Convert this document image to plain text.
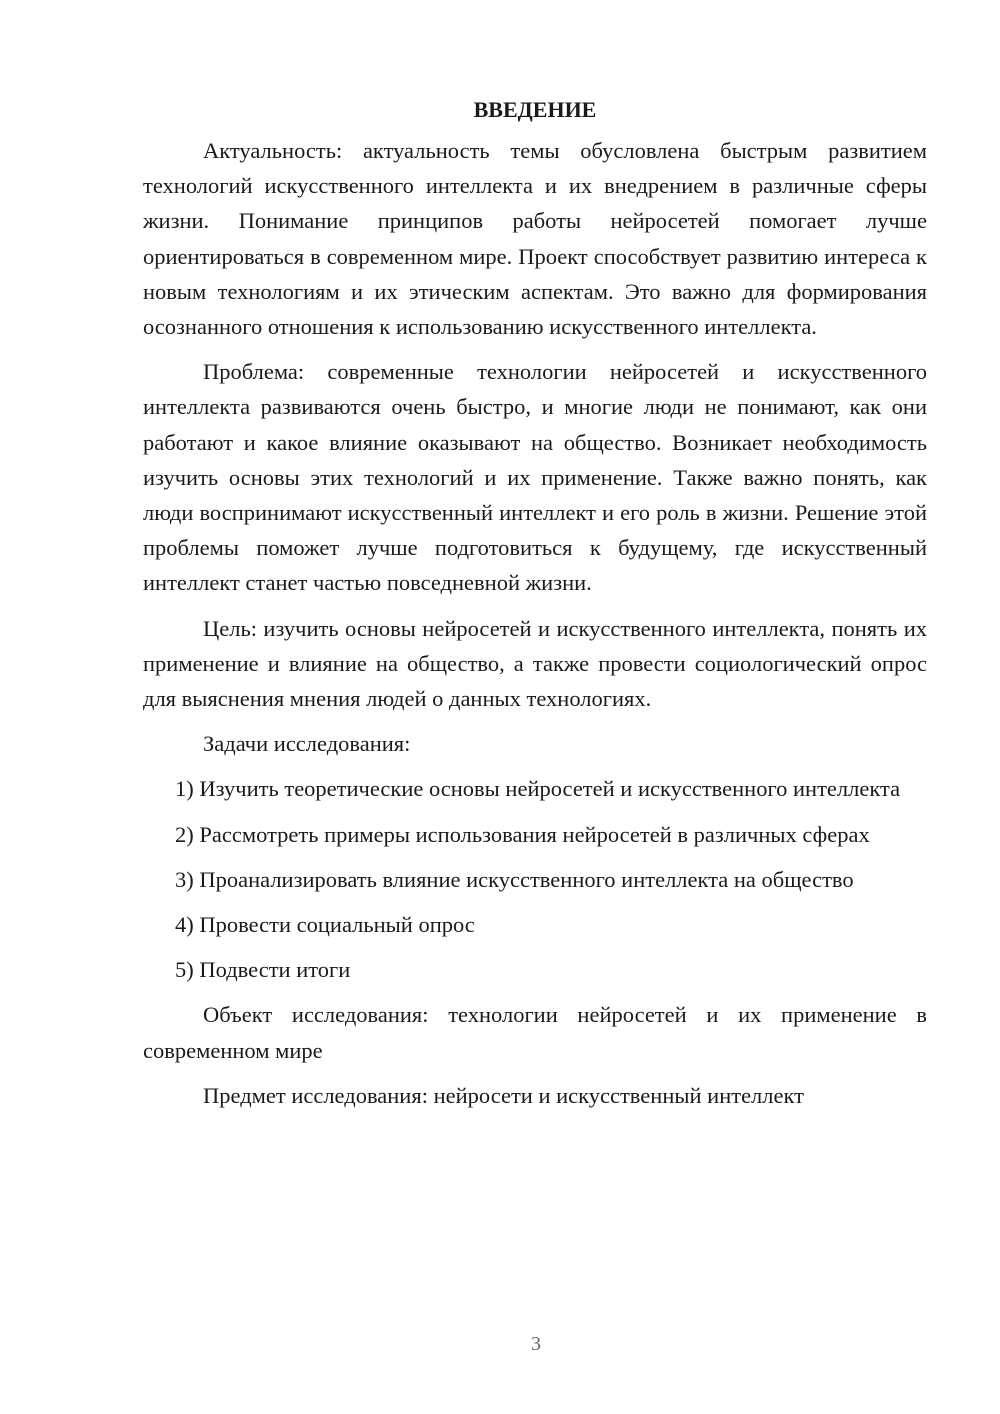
ВВЕДЕНИЕ

Актуальность: актуальность темы обусловлена быстрым развитием технологий искусственного интеллекта и их внедрением в различные сферы жизни. Понимание принципов работы нейросетей помогает лучше ориентироваться в современном мире. Проект способствует развитию интереса к новым технологиям и их этическим аспектам. Это важно для формирования осознанного отношения к использованию искусственного интеллекта.

Проблема: современные технологии нейросетей и искусственного интеллекта развиваются очень быстро, и многие люди не понимают, как они работают и какое влияние оказывают на общество. Возникает необходимость изучить основы этих технологий и их применение. Также важно понять, как люди воспринимают искусственный интеллект и его роль в жизни. Решение этой проблемы поможет лучше подготовиться к будущему, где искусственный интеллект станет частью повседневной жизни.

Цель: изучить основы нейросетей и искусственного интеллекта, понять их применение и влияние на общество, а также провести социологический опрос для выяснения мнения людей о данных технологиях.

Задачи исследования:

1) Изучить теоретические основы нейросетей и искусственного интеллекта

2) Рассмотреть примеры использования нейросетей в различных сферах

3) Проанализировать влияние искусственного интеллекта на общество

4) Провести социальный опрос

5) Подвести итоги

Объект исследования: технологии нейросетей и их применение в современном мире

Предмет исследования: нейросети и искусственный интеллект

3
